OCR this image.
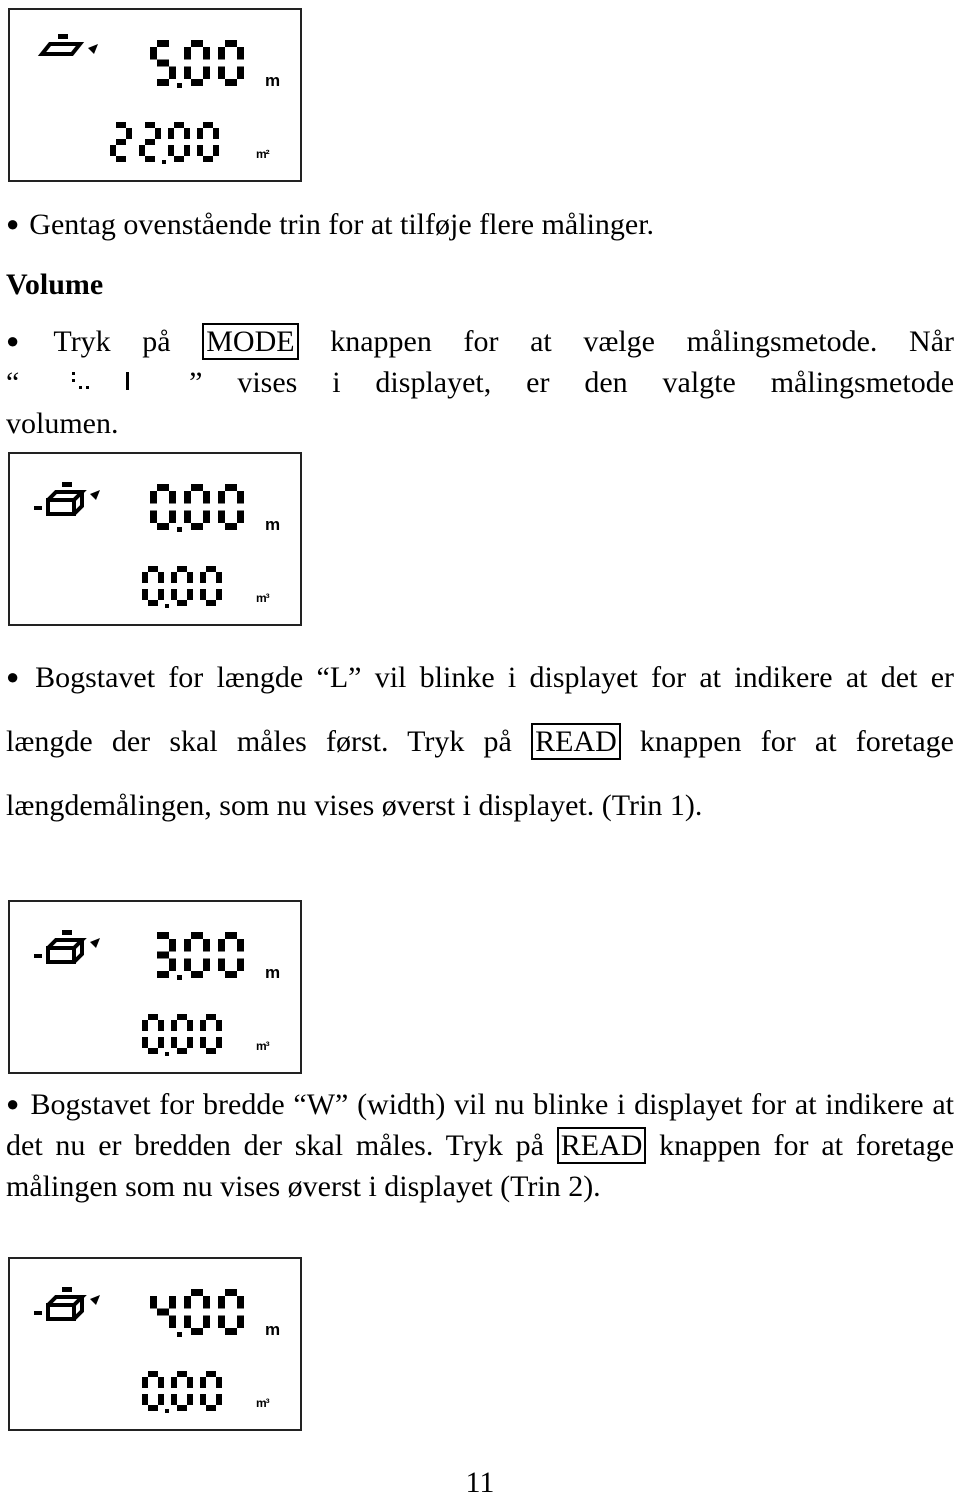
m
m²

● Gentag ovenstående trin for at tilføje flere målinger.

Volume

● Tryk på MODE knappen for at vælge målingsmetode. Når
“	” vises i displayet, er den valgte målingsmetode
volumen.

m
m³

● Bogstavet for længde “L” vil blinke i displayet for at indikere at det er længde der skal måles først. Tryk på READ knappen for at foretage længdemålingen, som nu vises øverst i displayet. (Trin 1).

m
m³

● Bogstavet for bredde “W” (width) vil nu blinke i displayet for at indikere at det nu er bredden der skal måles. Tryk på READ knappen for at foretage målingen som nu vises øverst i displayet (Trin 2).

m
m³
11
